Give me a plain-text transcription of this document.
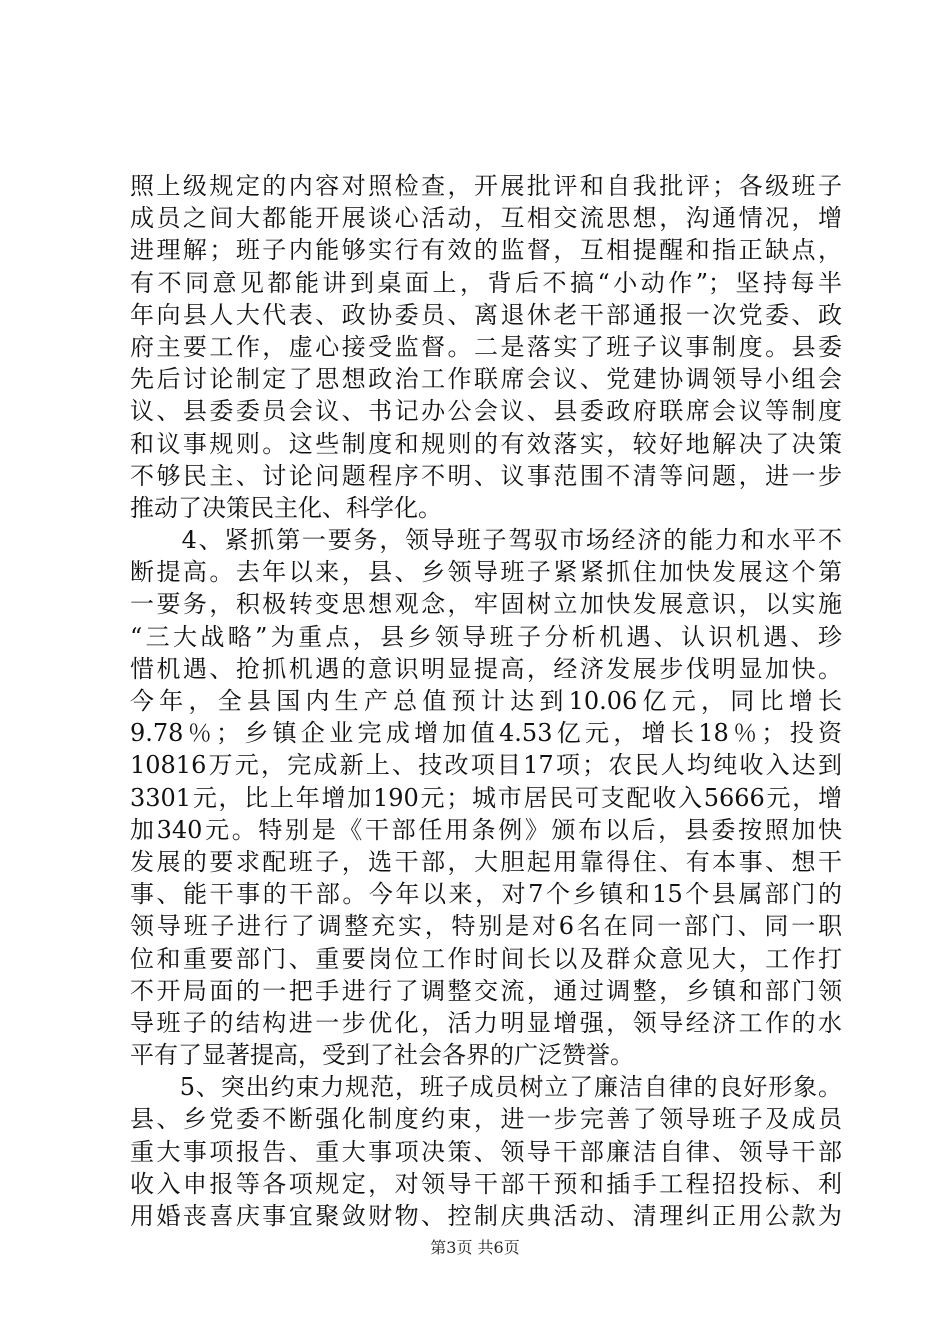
照上级规定的内容对照检查，开展批评和自我批评；各级班子
成员之间大都能开展谈心活动，互相交流思想，沟通情况，增
进理解；班子内能够实行有效的监督，互相提醒和指正缺点，
有不同意见都能讲到桌面上，背后不搞“小动作”；坚持每半
年向县人大代表、政协委员、离退休老干部通报一次党委、政
府主要工作，虚心接受监督。二是落实了班子议事制度。县委
先后讨论制定了思想政治工作联席会议、党建协调领导小组会
议、县委委员会议、书记办公会议、县委政府联席会议等制度
和议事规则。这些制度和规则的有效落实，较好地解决了决策
不够民主、讨论问题程序不明、议事范围不清等问题，进一步
推动了决策民主化、科学化。
　　4、紧抓第一要务，领导班子驾驭市场经济的能力和水平不
断提高。去年以来，县、乡领导班子紧紧抓住加快发展这个第
一要务，积极转变思想观念，牢固树立加快发展意识，以实施
“三大战略”为重点，县乡领导班子分析机遇、认识机遇、珍
惜机遇、抢抓机遇的意识明显提高，经济发展步伐明显加快。
今年，全县国内生产总值预计达到10.06亿元，同比增长
9.78％；乡镇企业完成增加值4.53亿元，增长18％；投资
10816万元，完成新上、技改项目17项；农民人均纯收入达到
3301元，比上年增加190元；城市居民可支配收入5666元，增
加340元。特别是《干部任用条例》颁布以后，县委按照加快
发展的要求配班子，选干部，大胆起用靠得住、有本事、想干
事、能干事的干部。今年以来，对7个乡镇和15个县属部门的
领导班子进行了调整充实，特别是对6名在同一部门、同一职
位和重要部门、重要岗位工作时间长以及群众意见大，工作打
不开局面的一把手进行了调整交流，通过调整，乡镇和部门领
导班子的结构进一步优化，活力明显增强，领导经济工作的水
平有了显著提高，受到了社会各界的广泛赞誉。
　　5、突出约束力规范，班子成员树立了廉洁自律的良好形象。
县、乡党委不断强化制度约束，进一步完善了领导班子及成员
重大事项报告、重大事项决策、领导干部廉洁自律、领导干部
收入申报等各项规定，对领导干部干预和插手工程招投标、利
用婚丧喜庆事宜聚敛财物、控制庆典活动、清理纠正用公款为
第3页 共6页
